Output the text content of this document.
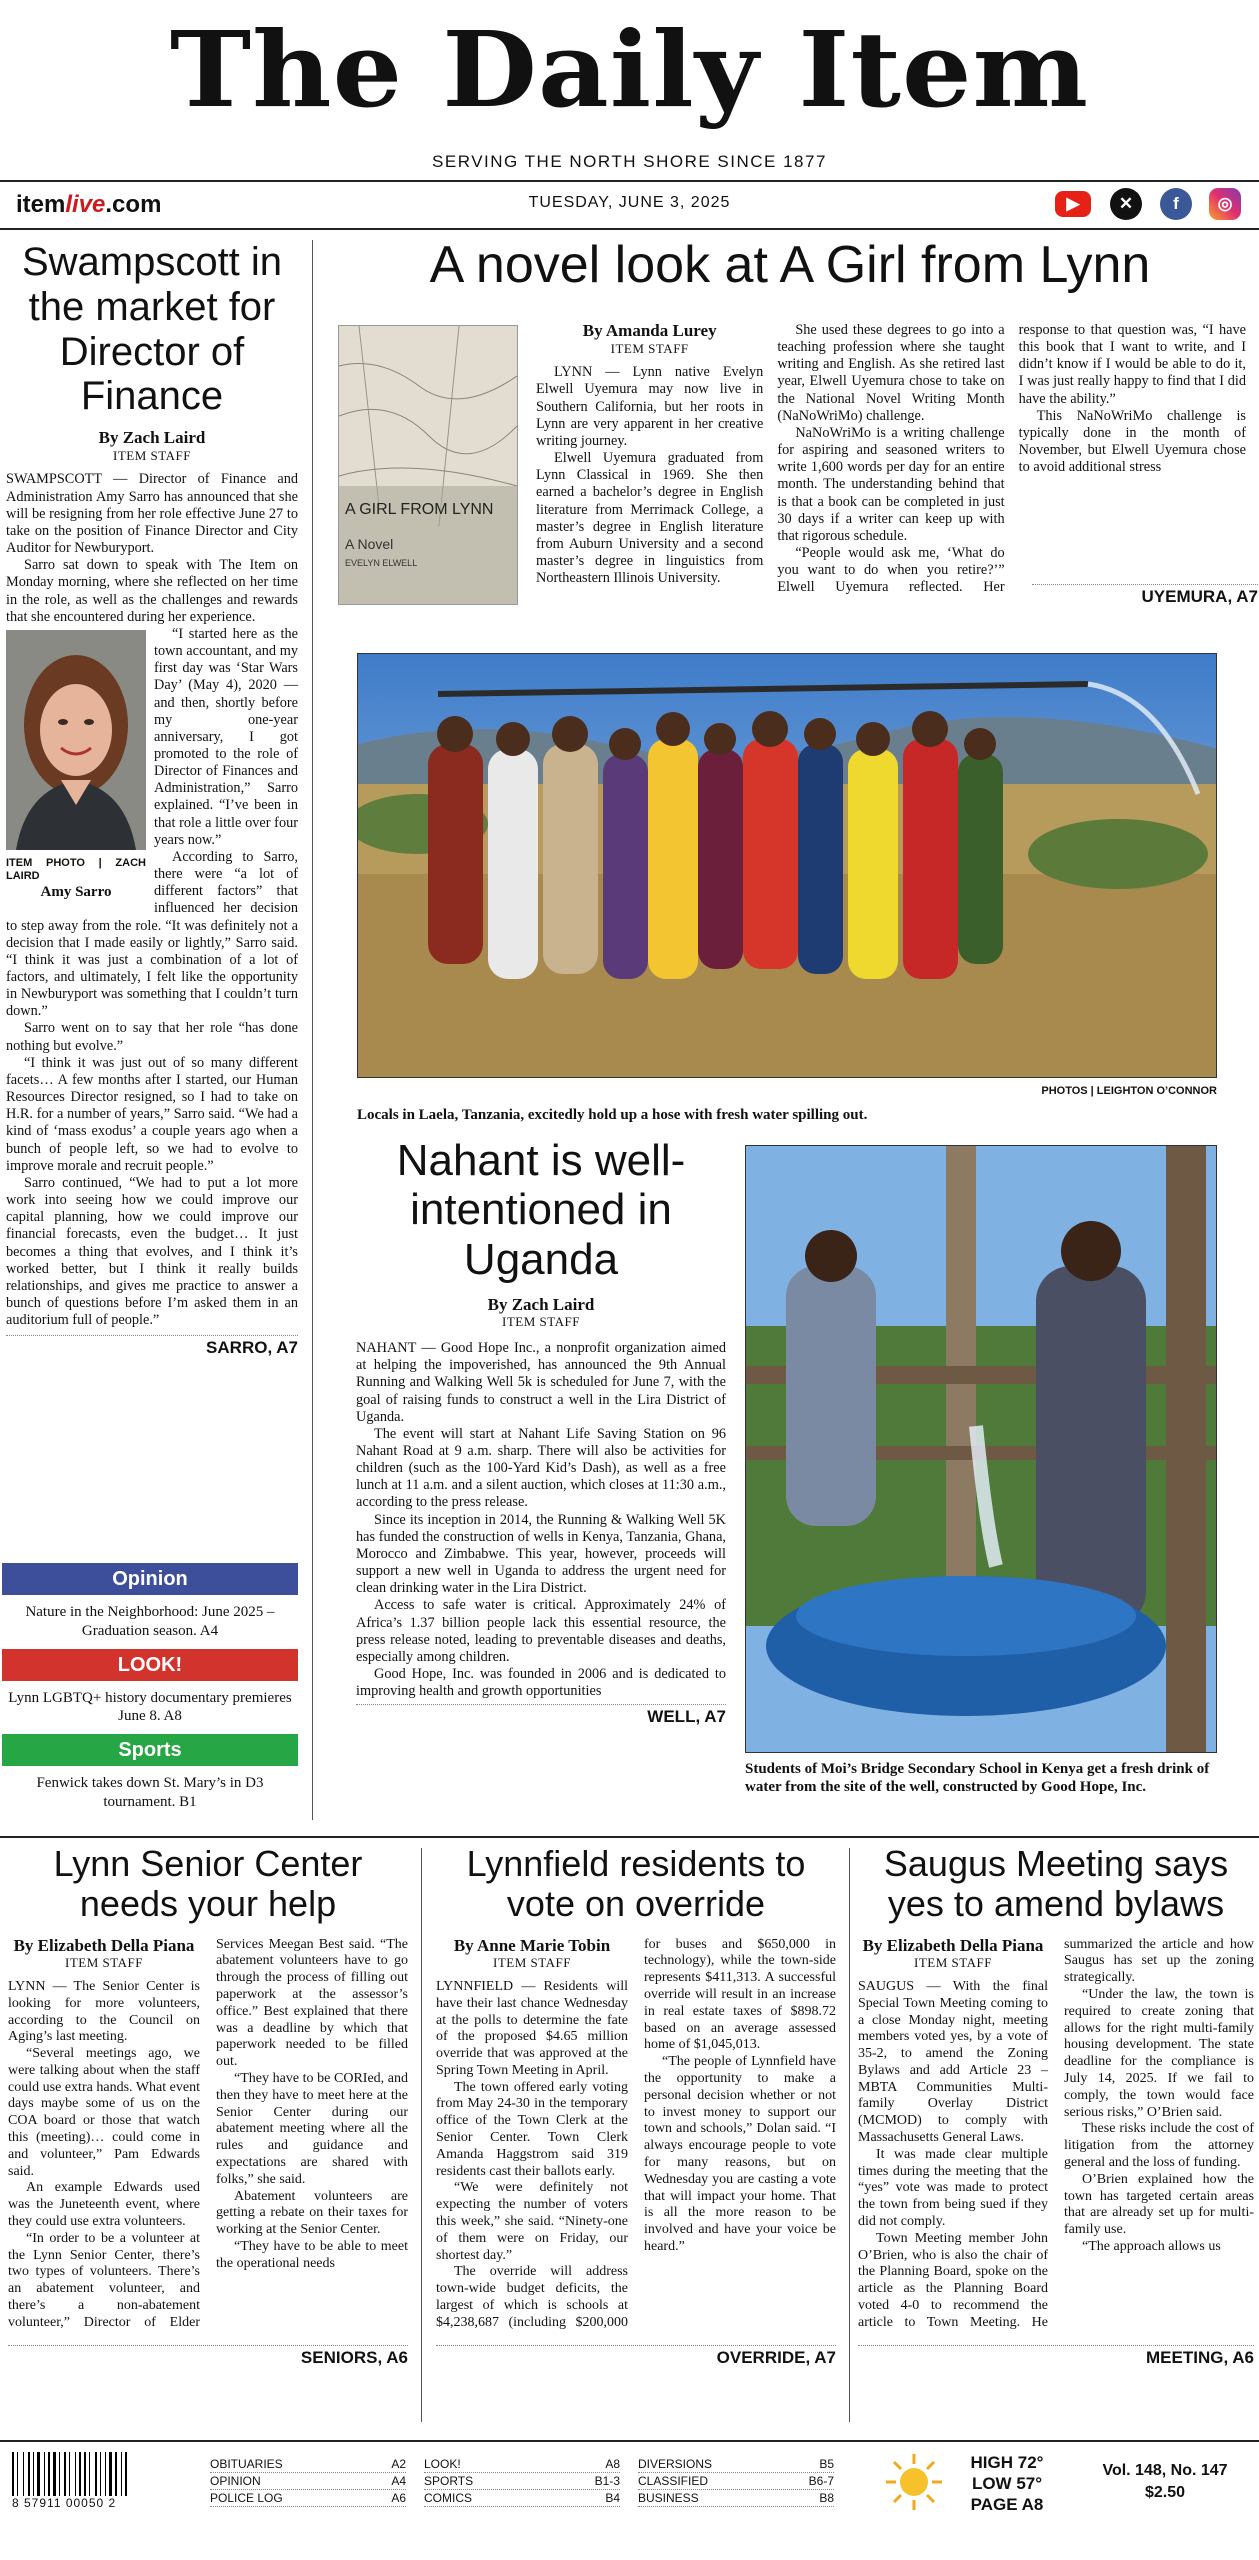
The Daily Item
SERVING THE NORTH SHORE SINCE 1877
itemlive.com	TUESDAY, JUNE 3, 2025	▶	✕	f	◎
Swampscott in the market for Director of Finance
By Zach Laird
ITEM STAFF

SWAMPSCOTT — Director of Finance and Administration Amy Sarro has announced that she will be resigning from her role effective June 27 to take on the position of Finance Director and City Auditor for Newburyport.

Sarro sat down to speak with The Item on Monday morning, where she reflected on her time in the role, as well as the challenges and rewards that she encountered during her experience.

ITEM PHOTO | ZACH LAIRD
Amy Sarro

“I started here as the town accountant, and my first day was ‘Star Wars Day’ (May 4), 2020 — and then, shortly before my one-year anniversary, I got promoted to the role of Director of Finances and Administration,” Sarro explained. “I’ve been in that role a little over four years now.”

According to Sarro, there were “a lot of different factors” that influenced her decision to step away from the role. “It was definitely not a decision that I made easily or lightly,” Sarro said. “I think it was just a combination of a lot of factors, and ultimately, I felt like the opportunity in Newburyport was something that I couldn’t turn down.”

Sarro went on to say that her role “has done nothing but evolve.”

“I think it was just out of so many different facets… A few months after I started, our Human Resources Director resigned, so I had to take on H.R. for a number of years,” Sarro said. “We had a kind of ‘mass exodus’ a couple years ago when a bunch of people left, so we had to evolve to improve morale and recruit people.”

Sarro continued, “We had to put a lot more work into seeing how we could improve our capital planning, how we could improve our financial forecasts, even the budget… It just becomes a thing that evolves, and I think it’s worked better, but I think it really builds relationships, and gives me practice to answer a bunch of questions before I’m asked them in an auditorium full of people.”

SARRO, A7
Opinion
Nature in the Neighborhood: June 2025 – Graduation season. A4
LOOK!
Lynn LGBTQ+ history documentary premieres June 8. A8
Sports
Fenwick takes down St. Mary’s in D3 tournament. B1
A novel look at A Girl from Lynn
A GIRL FROM LYNN
A Novel
EVELYN ELWELL
By Amanda Lurey
ITEM STAFF

LYNN — Lynn native Evelyn Elwell Uyemura may now live in Southern California, but her roots in Lynn are very apparent in her creative writing journey.

Elwell Uyemura graduated from Lynn Classical in 1969. She then earned a bachelor’s degree in English literature from Merrimack College, a master’s degree in English literature from Auburn University and a second master’s degree in linguistics from Northeastern Illinois University.

She used these degrees to go into a teaching profession where she taught writing and English. As she retired last year, Elwell Uyemura chose to take on the National Novel Writing Month (NaNoWriMo) challenge.

NaNoWriMo is a writing challenge for aspiring and seasoned writers to write 1,600 words per day for an entire month. The understanding behind that is that a book can be completed in just 30 days if a writer can keep up with that rigorous schedule.

“People would ask me, ‘What do you want to do when you retire?’” Elwell Uyemura reflected. Her response to that question was, “I have this book that I want to write, and I didn’t know if I would be able to do it, I was just really happy to find that I did have the ability.”

This NaNoWriMo challenge is typically done in the month of November, but Elwell Uyemura chose to avoid additional stress

UYEMURA, A7
PHOTOS | LEIGHTON O’CONNOR
Locals in Laela, Tanzania, excitedly hold up a hose with fresh water spilling out.
Nahant is well-intentioned in Uganda
By Zach Laird
ITEM STAFF

NAHANT — Good Hope Inc., a nonprofit organization aimed at helping the impoverished, has announced the 9th Annual Running and Walking Well 5k is scheduled for June 7, with the goal of raising funds to construct a well in the Lira District of Uganda.

The event will start at Nahant Life Saving Station on 96 Nahant Road at 9 a.m. sharp. There will also be activities for children (such as the 100-Yard Kid’s Dash), as well as a free lunch at 11 a.m. and a silent auction, which closes at 11:30 a.m., according to the press release.

Since its inception in 2014, the Running & Walking Well 5K has funded the construction of wells in Kenya, Tanzania, Ghana, Morocco and Zimbabwe. This year, however, proceeds will support a new well in Uganda to address the urgent need for clean drinking water in the Lira District.

Access to safe water is critical. Approximately 24% of Africa’s 1.37 billion people lack this essential resource, the press release noted, leading to preventable diseases and deaths, especially among children.

Good Hope, Inc. was founded in 2006 and is dedicated to improving health and growth opportunities

WELL, A7
Students of Moi’s Bridge Secondary School in Kenya get a fresh drink of water from the site of the well, constructed by Good Hope, Inc.
Lynn Senior Center needs your help
By Elizabeth Della Piana
ITEM STAFF

LYNN — The Senior Center is looking for more volunteers, according to the Council on Aging’s last meeting.

“Several meetings ago, we were talking about when the staff could use extra hands. What event days maybe some of us on the COA board or those that watch this (meeting)… could come in and volunteer,” Pam Edwards said.

An example Edwards used was the Juneteenth event, where they could use extra volunteers.

“In order to be a volunteer at the Lynn Senior Center, there’s two types of volunteers. There’s an abatement volunteer, and there’s a non-abatement volunteer,” Director of Elder Services Meegan Best said. “The abatement volunteers have to go through the process of filling out paperwork at the assessor’s office.” Best explained that there was a deadline by which that paperwork needed to be filled out.

“They have to be CORIed, and then they have to meet here at the Senior Center during our abatement meeting where all the rules and guidance and expectations are shared with folks,” she said.

Abatement volunteers are getting a rebate on their taxes for working at the Senior Center.

“They have to be able to meet the operational needs

SENIORS, A6
Lynnfield residents to vote on override
By Anne Marie Tobin
ITEM STAFF

LYNNFIELD — Residents will have their last chance Wednesday at the polls to determine the fate of the proposed $4.65 million override that was approved at the Spring Town Meeting in April.

The town offered early voting from May 24-30 in the temporary office of the Town Clerk at the Senior Center. Town Clerk Amanda Haggstrom said 319 residents cast their ballots early.

“We were definitely not expecting the number of voters this week,” she said. “Ninety-one of them were on Friday, our shortest day.”

The override will address town-wide budget deficits, the largest of which is schools at $4,238,687 (including $200,000 for buses and $650,000 in technology), while the town-side represents $411,313. A successful override will result in an increase in real estate taxes of $898.72 based on an average assessed home of $1,045,013.

“The people of Lynnfield have the opportunity to make a personal decision whether or not to invest money to support our town and schools,” Dolan said. “I always encourage people to vote for many reasons, but on Wednesday you are casting a vote that will impact your home. That is all the more reason to be involved and have your voice be heard.”

OVERRIDE, A7
Saugus Meeting says yes to amend bylaws
By Elizabeth Della Piana
ITEM STAFF

SAUGUS — With the final Special Town Meeting coming to a close Monday night, meeting members voted yes, by a vote of 35-2, to amend the Zoning Bylaws and add Article 23 – MBTA Communities Multi-family Overlay District (MCMOD) to comply with Massachusetts General Laws.

It was made clear multiple times during the meeting that the “yes” vote was made to protect the town from being sued if they did not comply.

Town Meeting member John O’Brien, who is also the chair of the Planning Board, spoke on the article as the Planning Board voted 4-0 to recommend the article to Town Meeting. He summarized the article and how Saugus has set up the zoning strategically.

“Under the law, the town is required to create zoning that allows for the right multi-family housing development. The state deadline for the compliance is July 14, 2025. If we fail to comply, the town would face serious risks,” O’Brien said.

These risks include the cost of litigation from the attorney general and the loss of funding.

O’Brien explained how the town has targeted certain areas that are already set up for multi-family use.

“The approach allows us

MEETING, A6
8 57911 00050 2
OBITUARIES	A2
OPINION	A4
POLICE LOG	A6
LOOK!	A8
SPORTS	B1-3
COMICS	B4
DIVERSIONS	B5
CLASSIFIED	B6-7
BUSINESS	B8
HIGH 72°
LOW 57°
PAGE A8
Vol. 148, No. 147
$2.50
